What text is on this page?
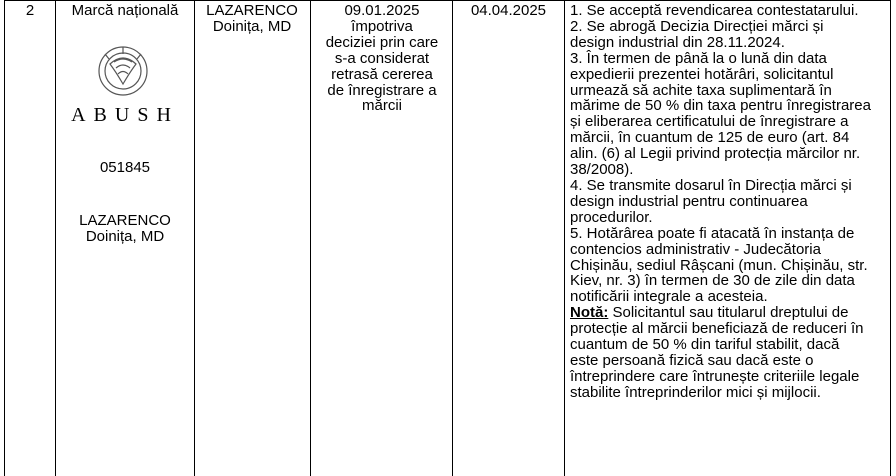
2	Marcă națională
ABUSH
051845
LAZARENCO
Doinița, MD
LAZARENCO
Doinița, MD
09.01.2025
împotriva
deciziei prin care
s-a considerat
retrasă cererea
de înregistrare a
mărcii
04.04.2025	1. Se acceptă revendicarea contestatarului.
2. Se abrogă Decizia Direcției mărci și
design industrial din 28.11.2024.
3. În termen de până la o lună din data
expedierii prezentei hotărâri, solicitantul
urmează să achite taxa suplimentară în
mărime de 50 % din taxa pentru înregistrarea
și eliberarea certificatului de înregistrare a
mărcii, în cuantum de 125 de euro (art. 84
alin. (6) al Legii privind protecția mărcilor nr.
38/2008).
4. Se transmite dosarul în Direcția mărci și
design industrial pentru continuarea
procedurilor.
5. Hotărârea poate fi atacată în instanța de
contencios administrativ - Judecătoria
Chișinău, sediul Râșcani (mun. Chișinău, str.
Kiev, nr. 3) în termen de 30 de zile din data
notificării integrale a acesteia.
Notă: Solicitantul sau titularul dreptului de
protecție al mărcii beneficiază de reduceri în
cuantum de 50 % din tariful stabilit, dacă
este persoană fizică sau dacă este o
întreprindere care întrunește criteriile legale
stabilite întreprinderilor mici și mijlocii.
